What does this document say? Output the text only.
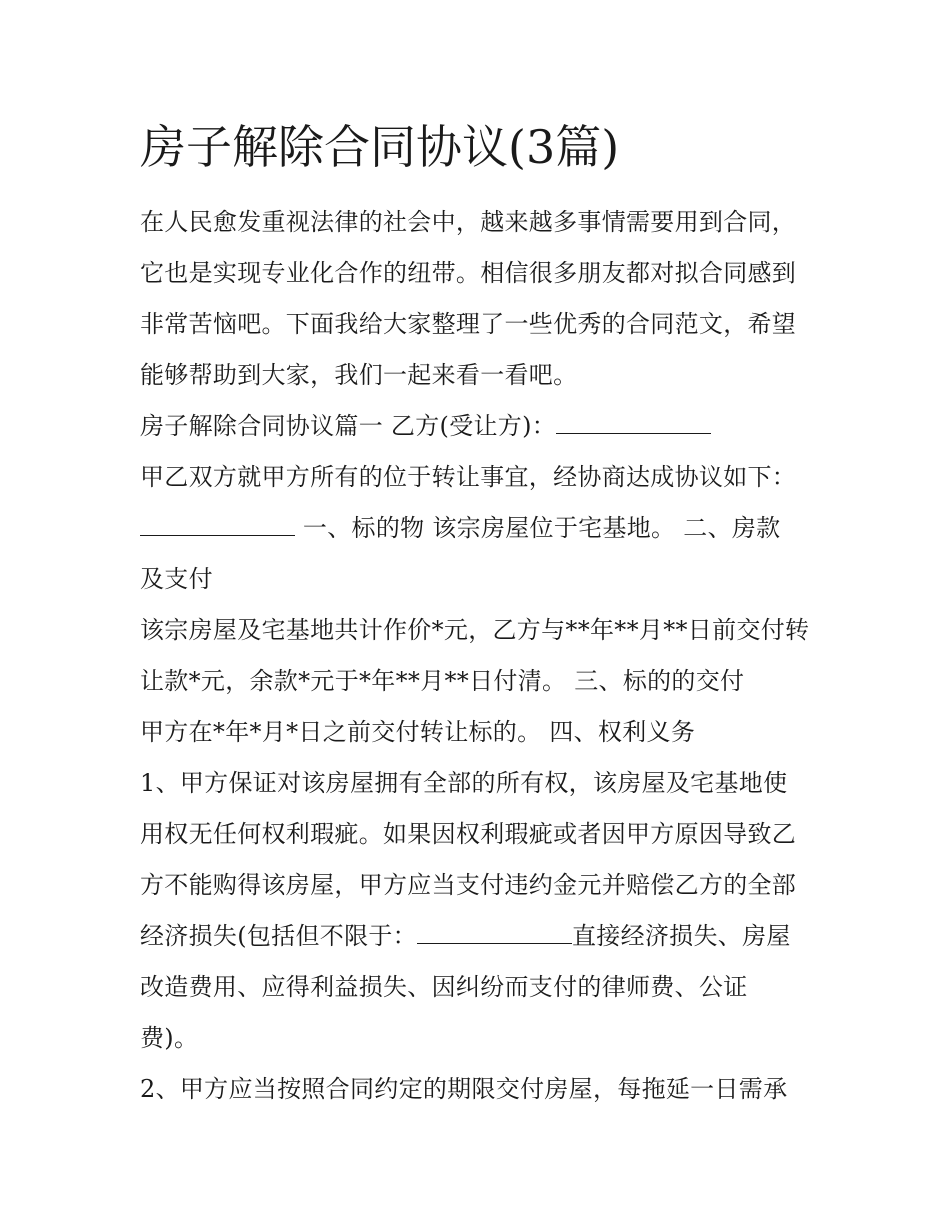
房子解除合同协议(3篇)
在人民愈发重视法律的社会中，越来越多事情需要用到合同，
它也是实现专业化合作的纽带。相信很多朋友都对拟合同感到
非常苦恼吧。下面我给大家整理了一些优秀的合同范文，希望
能够帮助到大家，我们一起来看一看吧。
房子解除合同协议篇一 乙方(受让方)：
甲乙双方就甲方所有的位于转让事宜，经协商达成协议如下：
一、标的物 该宗房屋位于宅基地。 二、房款
及支付
该宗房屋及宅基地共计作价*元，乙方与**年**月**日前交付转
让款*元，余款*元于*年**月**日付清。 三、标的的交付
甲方在*年*月*日之前交付转让标的。 四、权利义务
1、甲方保证对该房屋拥有全部的所有权，该房屋及宅基地使
用权无任何权利瑕疵。如果因权利瑕疵或者因甲方原因导致乙
方不能购得该房屋，甲方应当支付违约金元并赔偿乙方的全部
经济损失(包括但不限于：	直接经济损失、房屋
改造费用、应得利益损失、因纠纷而支付的律师费、公证
费)。
2、甲方应当按照合同约定的期限交付房屋，每拖延一日需承
